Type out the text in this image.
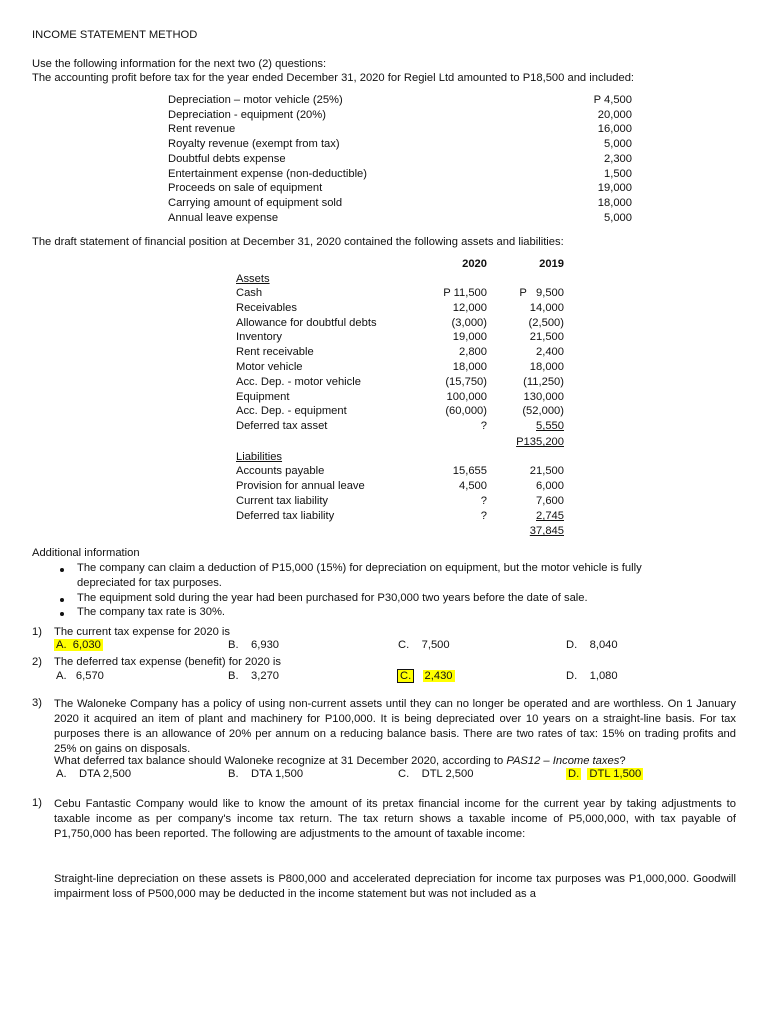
INCOME STATEMENT METHOD
Use the following information for the next two (2) questions:
The accounting profit before tax for the year ended December 31, 2020 for Regiel Ltd amounted to P18,500 and included:
Depreciation – motor vehicle (25%)	P 4,500
Depreciation - equipment (20%)	20,000
Rent revenue	16,000
Royalty revenue (exempt from tax)	5,000
Doubtful debts expense	2,300
Entertainment expense (non-deductible)	1,500
Proceeds on sale of equipment	19,000
Carrying amount of equipment sold	18,000
Annual leave expense	5,000
The draft statement of financial position at December 31, 2020 contained the following assets and liabilities:
2020	2019
Assets
Cash	P 11,500	P   9,500
Receivables	12,000	14,000
Allowance for doubtful debts	(3,000)	(2,500)
Inventory	19,000	21,500
Rent receivable	2,800	2,400
Motor vehicle	18,000	18,000
Acc. Dep. - motor vehicle	(15,750)	(11,250)
Equipment	100,000	130,000
Acc. Dep. - equipment	(60,000)	(52,000)
Deferred tax asset	?	5,550
P135,200
Liabilities
Accounts payable	15,655	21,500
Provision for annual leave	4,500	6,000
Current tax liability	?	7,600
Deferred tax liability	?	2,745
37,845
Additional information
The company can claim a deduction of P15,000 (15%) for depreciation on equipment, but the motor vehicle is fully
depreciated for tax purposes.
The equipment sold during the year had been purchased for P30,000 two years before the date of sale.
The company tax rate is 30%.
1) The current tax expense for 2020 is
A. 6,030	B. 6,930	C. 7,500	D. 8,040
2) The deferred tax expense (benefit) for 2020 is
A. 6,570	B. 3,270	C. 2,430	D. 1,080
3) The Waloneke Company has a policy of using non-current assets until they can no longer be operated and are worthless. On 1 January 2020 it acquired an item of plant and machinery for P100,000. It is being depreciated over 10 years on a straight-line basis. For tax purposes there is an allowance of 20% per annum on a reducing balance basis. There are two rates of tax: 15% on trading profits and 25% on gains on disposals.
What deferred tax balance should Waloneke recognize at 31 December 2020, according to PAS12 – Income taxes?
A. DTA 2,500	B. DTA 1,500	C. DTL 2,500	D. DTL 1,500
1) Cebu Fantastic Company would like to know the amount of its pretax financial income for the current year by taking adjustments to taxable income as per company's income tax return. The tax return shows a taxable income of P5,000,000, with tax payable of P1,750,000 has been reported. The following are adjustments to the amount of taxable income:
Straight-line depreciation on these assets is P800,000 and accelerated depreciation for income tax purposes was P1,000,000. Goodwill impairment loss of P500,000 may be deducted in the income statement but was not included as a
